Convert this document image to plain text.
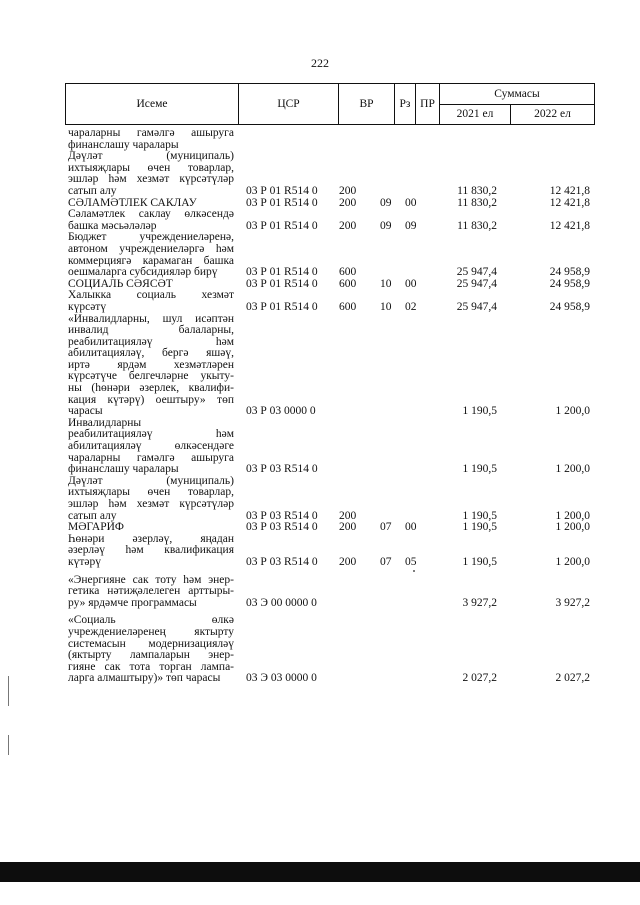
222
Исеме	ЦСР	ВР	Рз ПР
Суммасы
2021 ел	2022 ел
чараларны гамәлгә ашыруга
финанслашу чаралары
Дәүләт (муниципаль)
ихтыяҗлары өчен товарлар,
эшләр һәм хезмәт күрсәтүләр
сатып алу	03 Р 01 R514 0 200	11 830,2	12 421,8
СӘЛАМӘТЛЕК САКЛАУ	03 Р 01 R514 0 200 09 00	11 830,2	12 421,8
Сәламәтлек саклау өлкәсендә
башка мәсьәләләр	03 Р 01 R514 0 200 09 09	11 830,2	12 421,8
Бюджет учреждениеләренә,
автоном учреждениеләргә һәм
коммерциягә карамаган башка
оешмаларга субсидияләр бирү	03 Р 01 R514 0 600	25 947,4	24 958,9
СОЦИАЛЬ СӘЯСӘТ	03 Р 01 R514 0 600 10 00	25 947,4	24 958,9
Халыкка социаль хезмәт
күрсәтү	03 Р 01 R514 0 600 10 02	25 947,4	24 958,9
«Инвалидларны, шул исәптән
инвалид балаларны,
реабилитацияләү һәм
абилитацияләү, бергә яшәү,
иртә ярдәм хезмәтләрен
күрсәтүче белгечләрне укыту-
ны (һөнәри әзерлек, квалифи-
кация күтәрү) оештыру» төп
чарасы	03 Р 03 0000 0	1 190,5	1 200,0
Инвалидларны
реабилитацияләү һәм
абилитацияләү өлкәсендәге
чараларны гамәлгә ашыруга
финанслашу чаралары	03 Р 03 R514 0	1 190,5	1 200,0
Дәүләт (муниципаль)
ихтыяҗлары өчен товарлар,
эшләр һәм хезмәт күрсәтүләр
сатып алу	03 Р 03 R514 0 200	1 190,5	1 200,0
МӘГАРИФ	03 Р 03 R514 0 200 07 00	1 190,5	1 200,0
Һөнәри әзерләү, яңадан
әзерләү һәм квалификация
күтәрү	03 Р 03 R514 0 200 07 05	1 190,5	1 200,0
«Энергияне сак тоту һәм энер-
гетика нәтиҗәлелеген арттыры-
ру» ярдәмче программасы	03 Э 00 0000 0	3 927,2	3 927,2
«Социаль өлкә
учреждениеләренең яктырту
системасын модернизацияләү
(яктырту лампаларын энер-
гияне сак тота торган лампа-
ларга алмаштыру)» төп чарасы	03 Э 03 0000 0	2 027,2	2 027,2
